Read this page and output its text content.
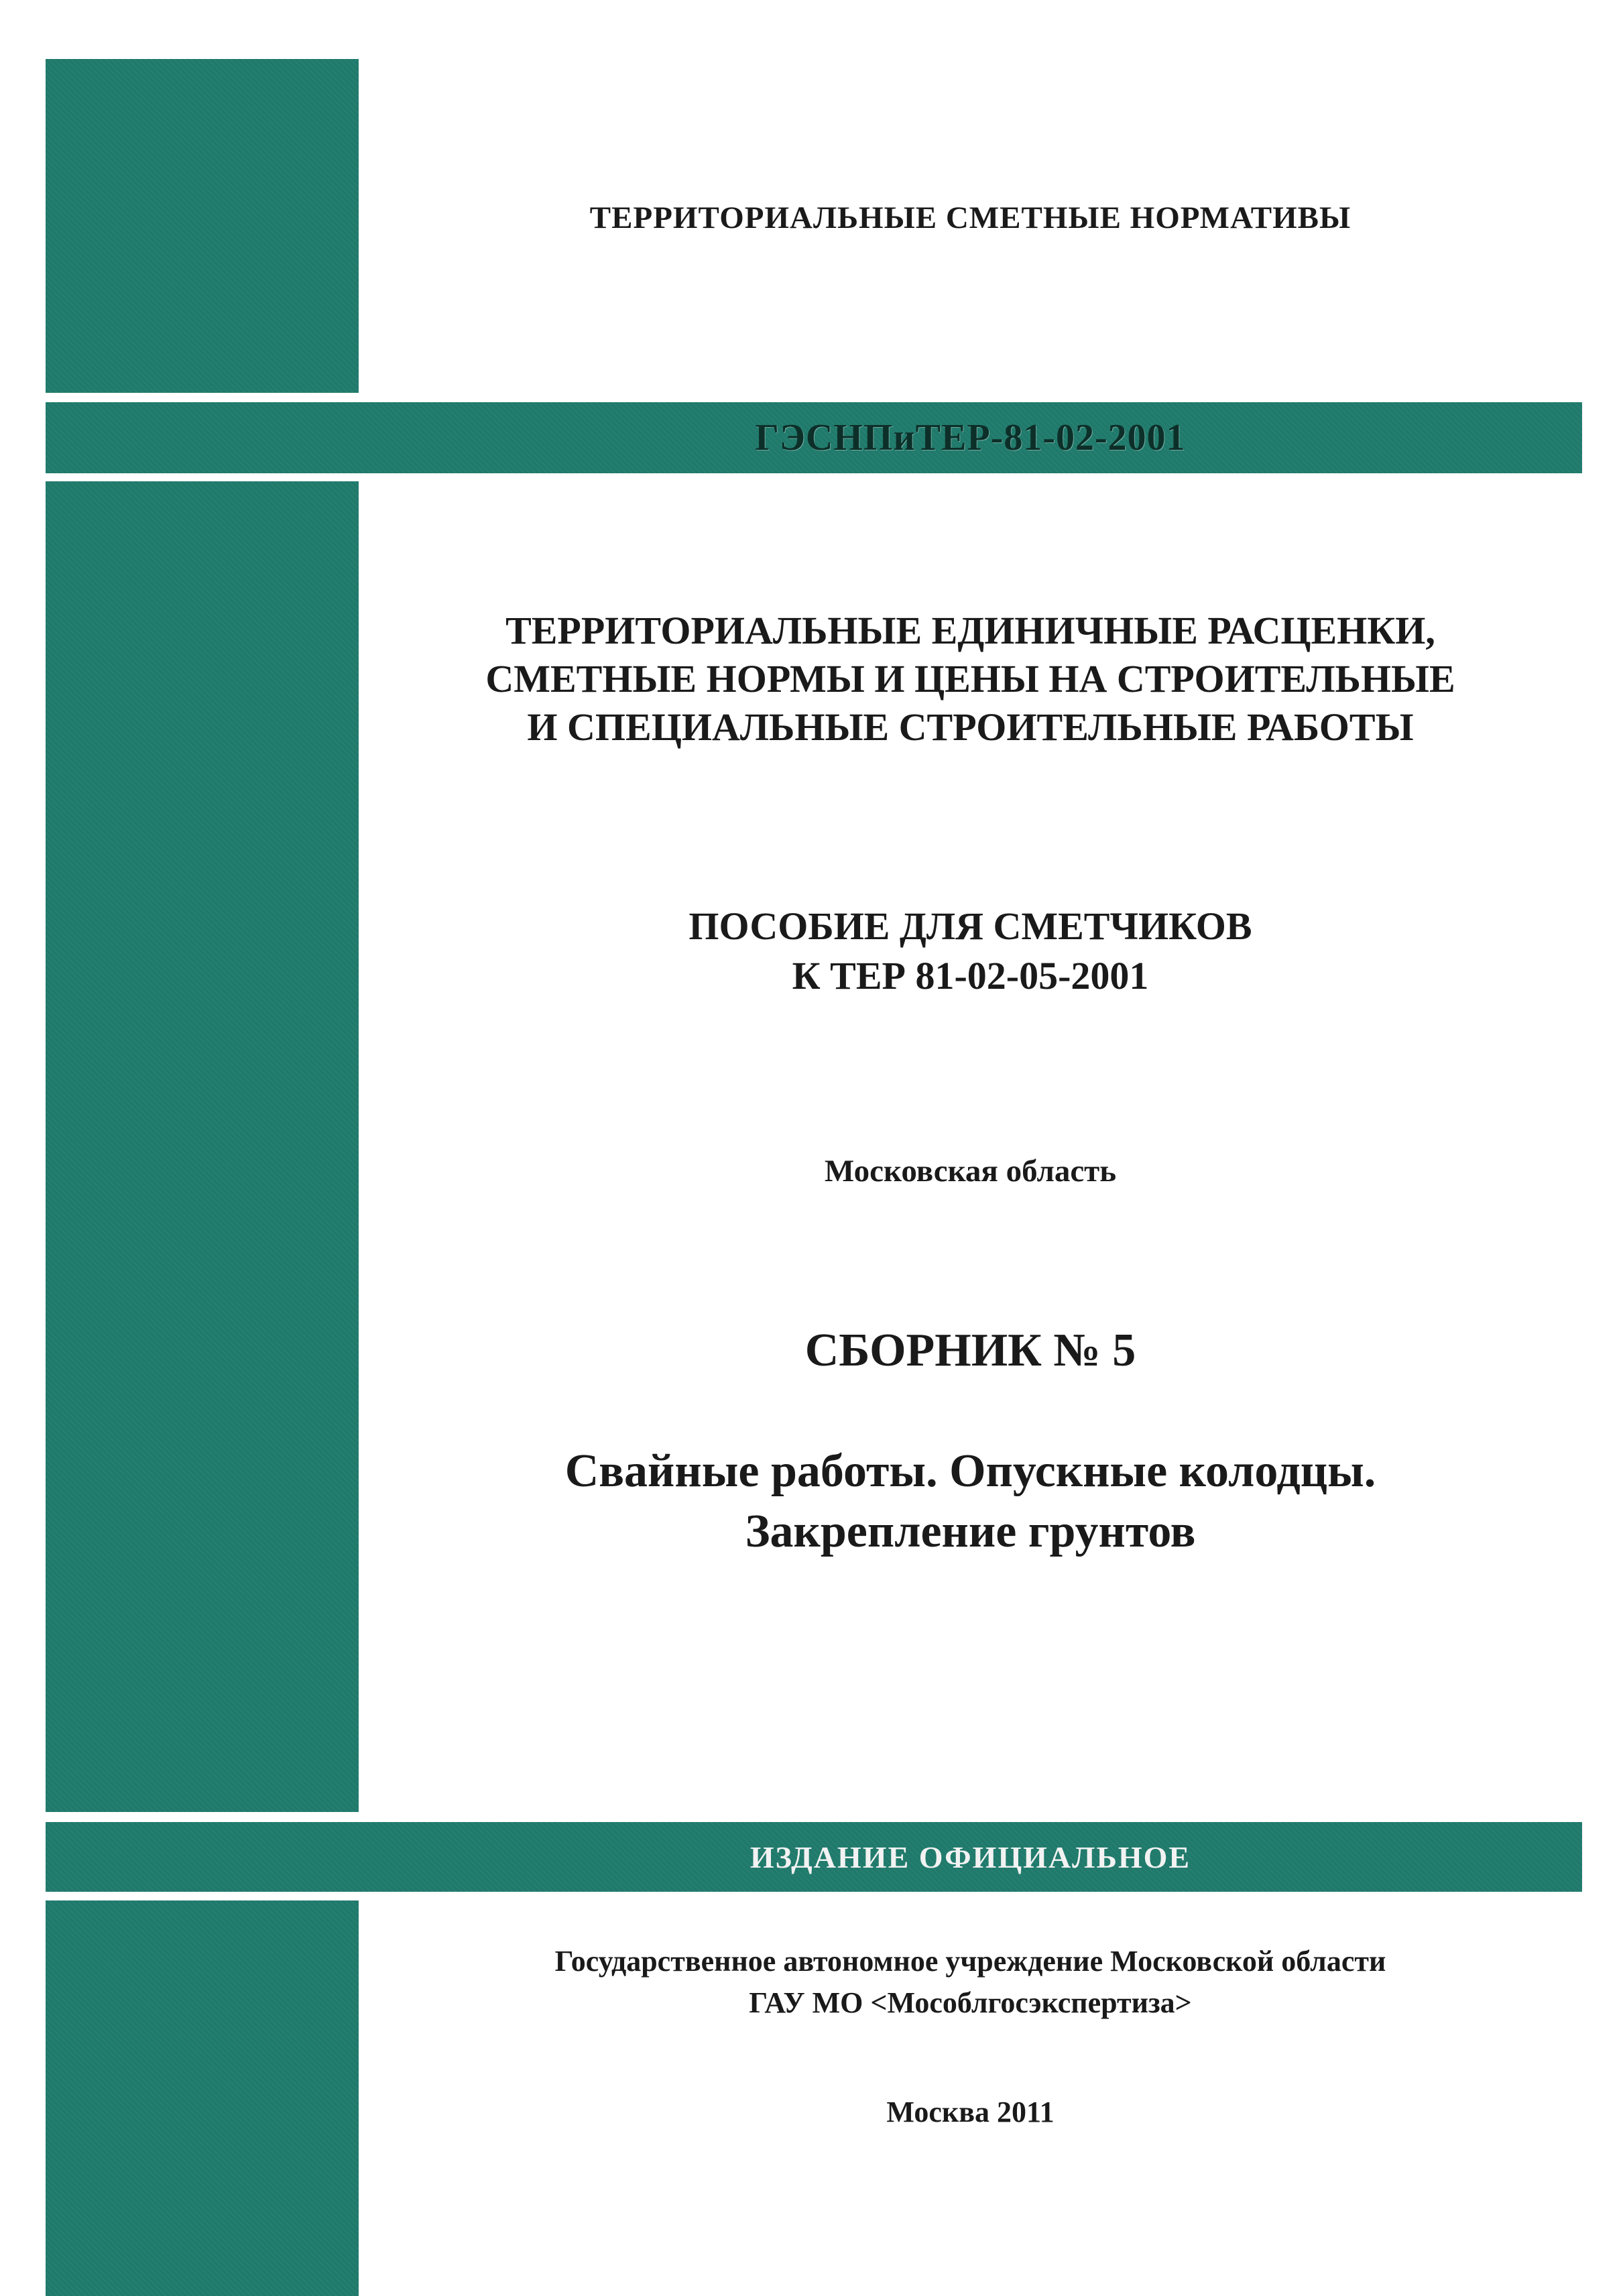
ГЭСНПиТЕР-81-02-2001
ИЗДАНИЕ ОФИЦИАЛЬНОЕ

ТЕРРИТОРИАЛЬНЫЕ СМЕТНЫЕ НОРМАТИВЫ

ТЕРРИТОРИАЛЬНЫЕ ЕДИНИЧНЫЕ РАСЦЕНКИ,
СМЕТНЫЕ НОРМЫ И ЦЕНЫ НА СТРОИТЕЛЬНЫЕ
И СПЕЦИАЛЬНЫЕ СТРОИТЕЛЬНЫЕ РАБОТЫ
ПОСОБИЕ ДЛЯ СМЕТЧИКОВ
К ТЕР 81-02-05-2001

Московская область

СБОРНИК № 5

Свайные работы. Опускные колодцы.
Закрепление грунтов
Государственное автономное учреждение Московской области
ГАУ МО <Мособлгосэкспертиза>

Москва 2011
